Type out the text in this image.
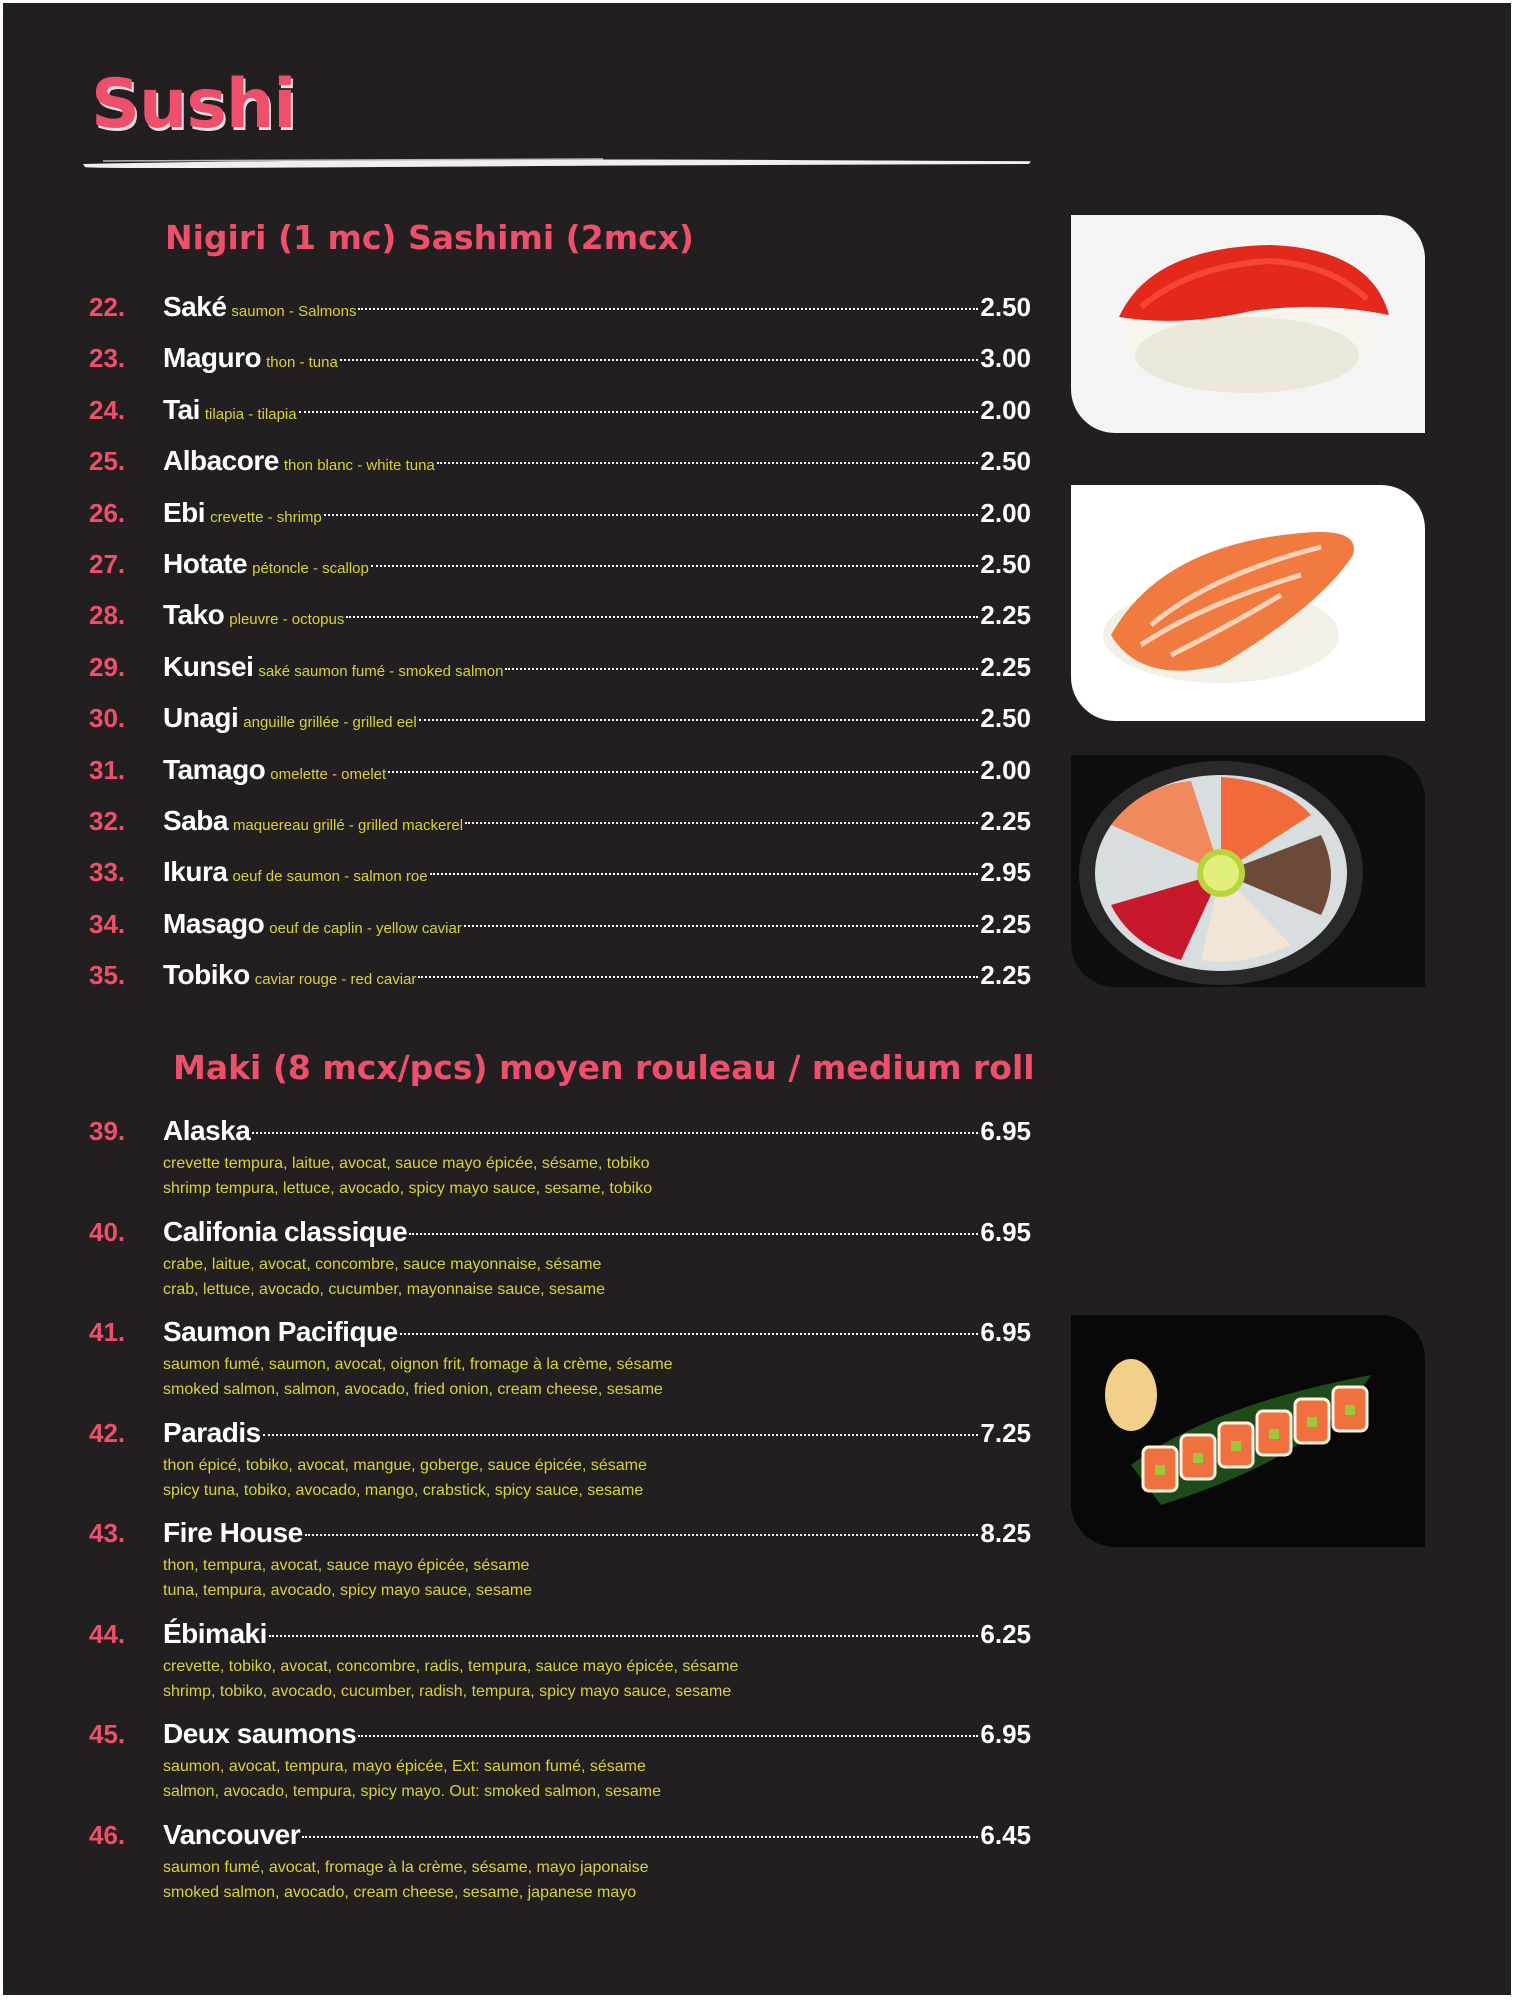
Sushi
Nigiri (1 mc) Sashimi (2mcx)
22. Saké saumon - Salmons	2.50
23. Maguro thon - tuna	3.00
24. Tai tilapia - tilapia	2.00
25. Albacore thon blanc - white tuna	2.50
26. Ebi crevette - shrimp	2.00
27. Hotate pétoncle - scallop	2.50
28. Tako pleuvre - octopus	2.25
29. Kunsei saké saumon fumé - smoked salmon	2.25
30. Unagi anguille grillée - grilled eel	2.50
31. Tamago omelette - omelet	2.00
32. Saba maquereau grillé - grilled mackerel	2.25
33. Ikura oeuf de saumon - salmon roe	2.95
34. Masago oeuf de caplin - yellow caviar	2.25
35. Tobiko caviar rouge - red caviar	2.25
Maki (8 mcx/pcs) moyen rouleau / medium roll
39. Alaska	6.95
crevette tempura, laitue, avocat, sauce mayo épicée, sésame, tobiko
shrimp tempura, lettuce, avocado, spicy mayo sauce, sesame, tobiko
40. Califonia classique	6.95
crabe, laitue, avocat, concombre, sauce mayonnaise, sésame
crab, lettuce, avocado, cucumber, mayonnaise sauce, sesame
41. Saumon Pacifique	6.95
saumon fumé, saumon, avocat, oignon frit, fromage à la crème, sésame
smoked salmon, salmon, avocado, fried onion, cream cheese, sesame
42. Paradis	7.25
thon épicé, tobiko, avocat, mangue, goberge, sauce épicée, sésame
spicy tuna, tobiko, avocado, mango, crabstick, spicy sauce, sesame
43. Fire House	8.25
thon, tempura, avocat, sauce mayo épicée, sésame
tuna, tempura, avocado, spicy mayo sauce, sesame
44. Ébimaki	6.25
crevette, tobiko, avocat, concombre, radis, tempura, sauce mayo épicée, sésame
shrimp, tobiko, avocado, cucumber, radish, tempura, spicy mayo sauce, sesame
45. Deux saumons	6.95
saumon, avocat, tempura, mayo épicée, Ext: saumon fumé, sésame
salmon, avocado, tempura, spicy mayo. Out: smoked salmon, sesame
46. Vancouver	6.45
saumon fumé, avocat, fromage à la crème, sésame, mayo japonaise
smoked salmon, avocado, cream cheese, sesame, japanese mayo
